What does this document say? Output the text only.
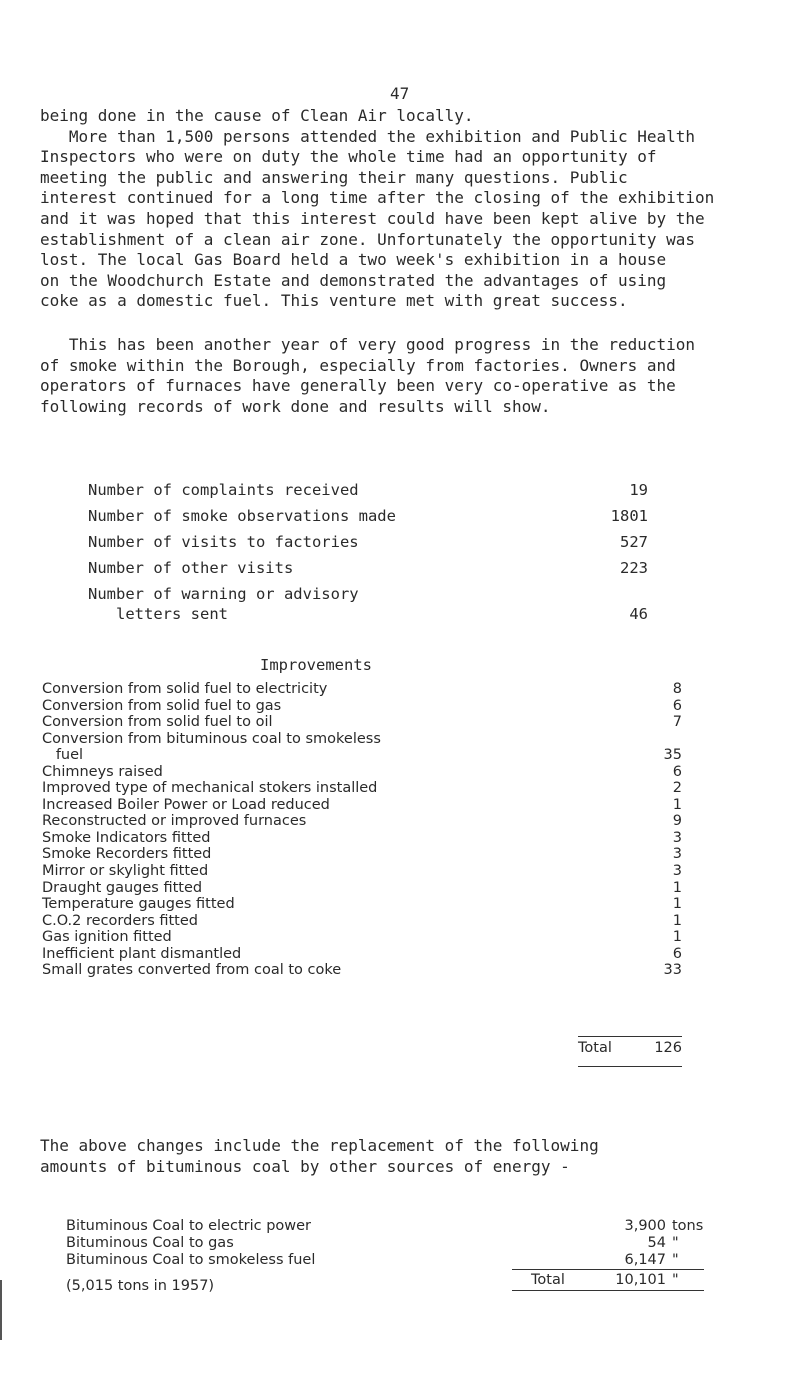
47

being done in the cause of Clean Air locally.
More than 1,500 persons attended the exhibition and Public Health
Inspectors who were on duty the whole time had an opportunity of
meeting the public and answering their many questions. Public
interest continued for a long time after the closing of the exhibition
and it was hoped that this interest could have been kept alive by the
establishment of a clean air zone. Unfortunately the opportunity was
lost. The local Gas Board held a two week's exhibition in a house
on the Woodchurch Estate and demonstrated the advantages of using
coke as a domestic fuel. This venture met with great success.

This has been another year of very good progress in the reduction
of smoke within the Borough, especially from factories. Owners and
operators of furnaces have generally been very co-operative as the
following records of work done and results will show.

Number of complaints received	19
Number of smoke observations made	1801
Number of visits to factories	527
Number of other visits	223
Number of warning or advisory
letters sent	46
Improvements
Conversion from solid fuel to electricity	8
Conversion from solid fuel to gas	6
Conversion from solid fuel to oil	7
Conversion from bituminous coal to smokeless
fuel	35
Chimneys raised	6
Improved type of mechanical stokers installed	2
Increased Boiler Power or Load reduced	1
Reconstructed or improved furnaces	9
Smoke Indicators fitted	3
Smoke Recorders fitted	3
Mirror or skylight fitted	3
Draught gauges fitted	1
Temperature gauges fitted	1
C.O.2 recorders fitted	1
Gas ignition fitted	1
Inefficient plant dismantled	6
Small grates converted from coal to coke	33
Total	126

The above changes include the replacement of the following
amounts of bituminous coal by other sources of energy -

Bituminous Coal to electric power	3,900 tons
Bituminous Coal to gas	54 "
Bituminous Coal to smokeless fuel	6,147 "
Total	10,101 "
(5,015 tons in 1957)
